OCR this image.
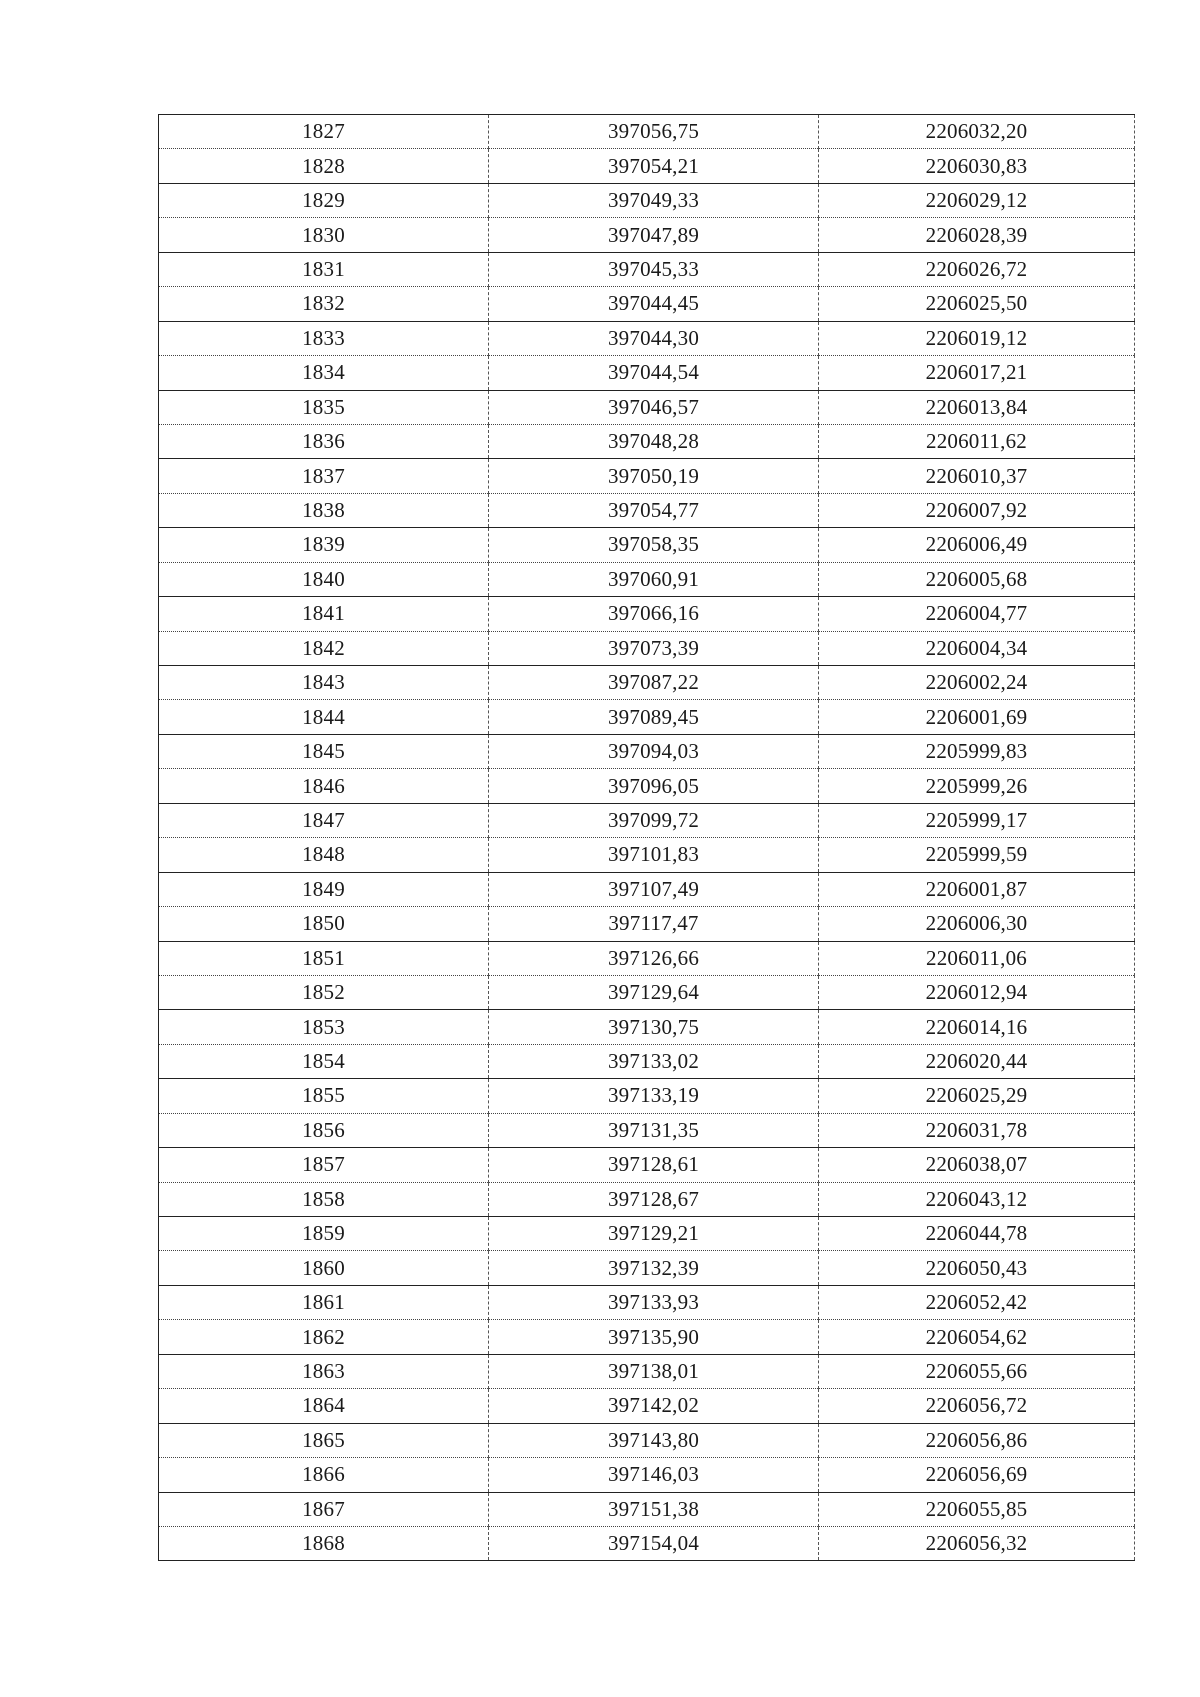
1827	397056,75	2206032,20
1828	397054,21	2206030,83
1829	397049,33	2206029,12
1830	397047,89	2206028,39
1831	397045,33	2206026,72
1832	397044,45	2206025,50
1833	397044,30	2206019,12
1834	397044,54	2206017,21
1835	397046,57	2206013,84
1836	397048,28	2206011,62
1837	397050,19	2206010,37
1838	397054,77	2206007,92
1839	397058,35	2206006,49
1840	397060,91	2206005,68
1841	397066,16	2206004,77
1842	397073,39	2206004,34
1843	397087,22	2206002,24
1844	397089,45	2206001,69
1845	397094,03	2205999,83
1846	397096,05	2205999,26
1847	397099,72	2205999,17
1848	397101,83	2205999,59
1849	397107,49	2206001,87
1850	397117,47	2206006,30
1851	397126,66	2206011,06
1852	397129,64	2206012,94
1853	397130,75	2206014,16
1854	397133,02	2206020,44
1855	397133,19	2206025,29
1856	397131,35	2206031,78
1857	397128,61	2206038,07
1858	397128,67	2206043,12
1859	397129,21	2206044,78
1860	397132,39	2206050,43
1861	397133,93	2206052,42
1862	397135,90	2206054,62
1863	397138,01	2206055,66
1864	397142,02	2206056,72
1865	397143,80	2206056,86
1866	397146,03	2206056,69
1867	397151,38	2206055,85
1868	397154,04	2206056,32
